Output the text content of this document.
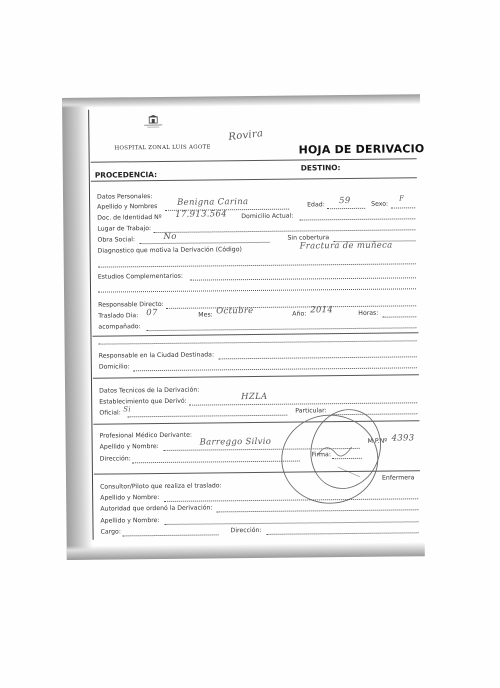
HOSPITAL ZONAL LUIS AGOTE
Rovira
HOJA DE DERIVACIO
PROCEDENCIA:
DESTINO:
Datos Personales:
Apellido y Nombres Benigna Carina	Edad: 59	Sexo:
F
Doc. de Identidad Nº 17.913.564 Domicilio Actual:
Lugar de Trabajo:
Obra Social:	No	Sin cobertura
Diagnostico que motiva la Derivación (Código)	Fractura de muñeca
Estudios Complementarios:
Responsable Directo:
Traslado Dia: 07	Mes: Octubre	Año: 2014	Horas:
acompañado:
Responsable en la Ciudad Destinada:
Domicilio:
Datos Tecnicos de la Derivación:
Establecimiento que Derivó:	HZLA
Oficial: Si	Particular:
Profesional Médico Derivante:
Apellido y Nombre:	Barreggo Silvio	M.P.Nº 4393
Dirección:
Firma:
Consultor/Piloto que realiza el traslado:
Enfermera
Apellido y Nombre:
Autoridad que ordenó la Derivación:
Apellido y Nombre:
Cargo:	Dirección:
